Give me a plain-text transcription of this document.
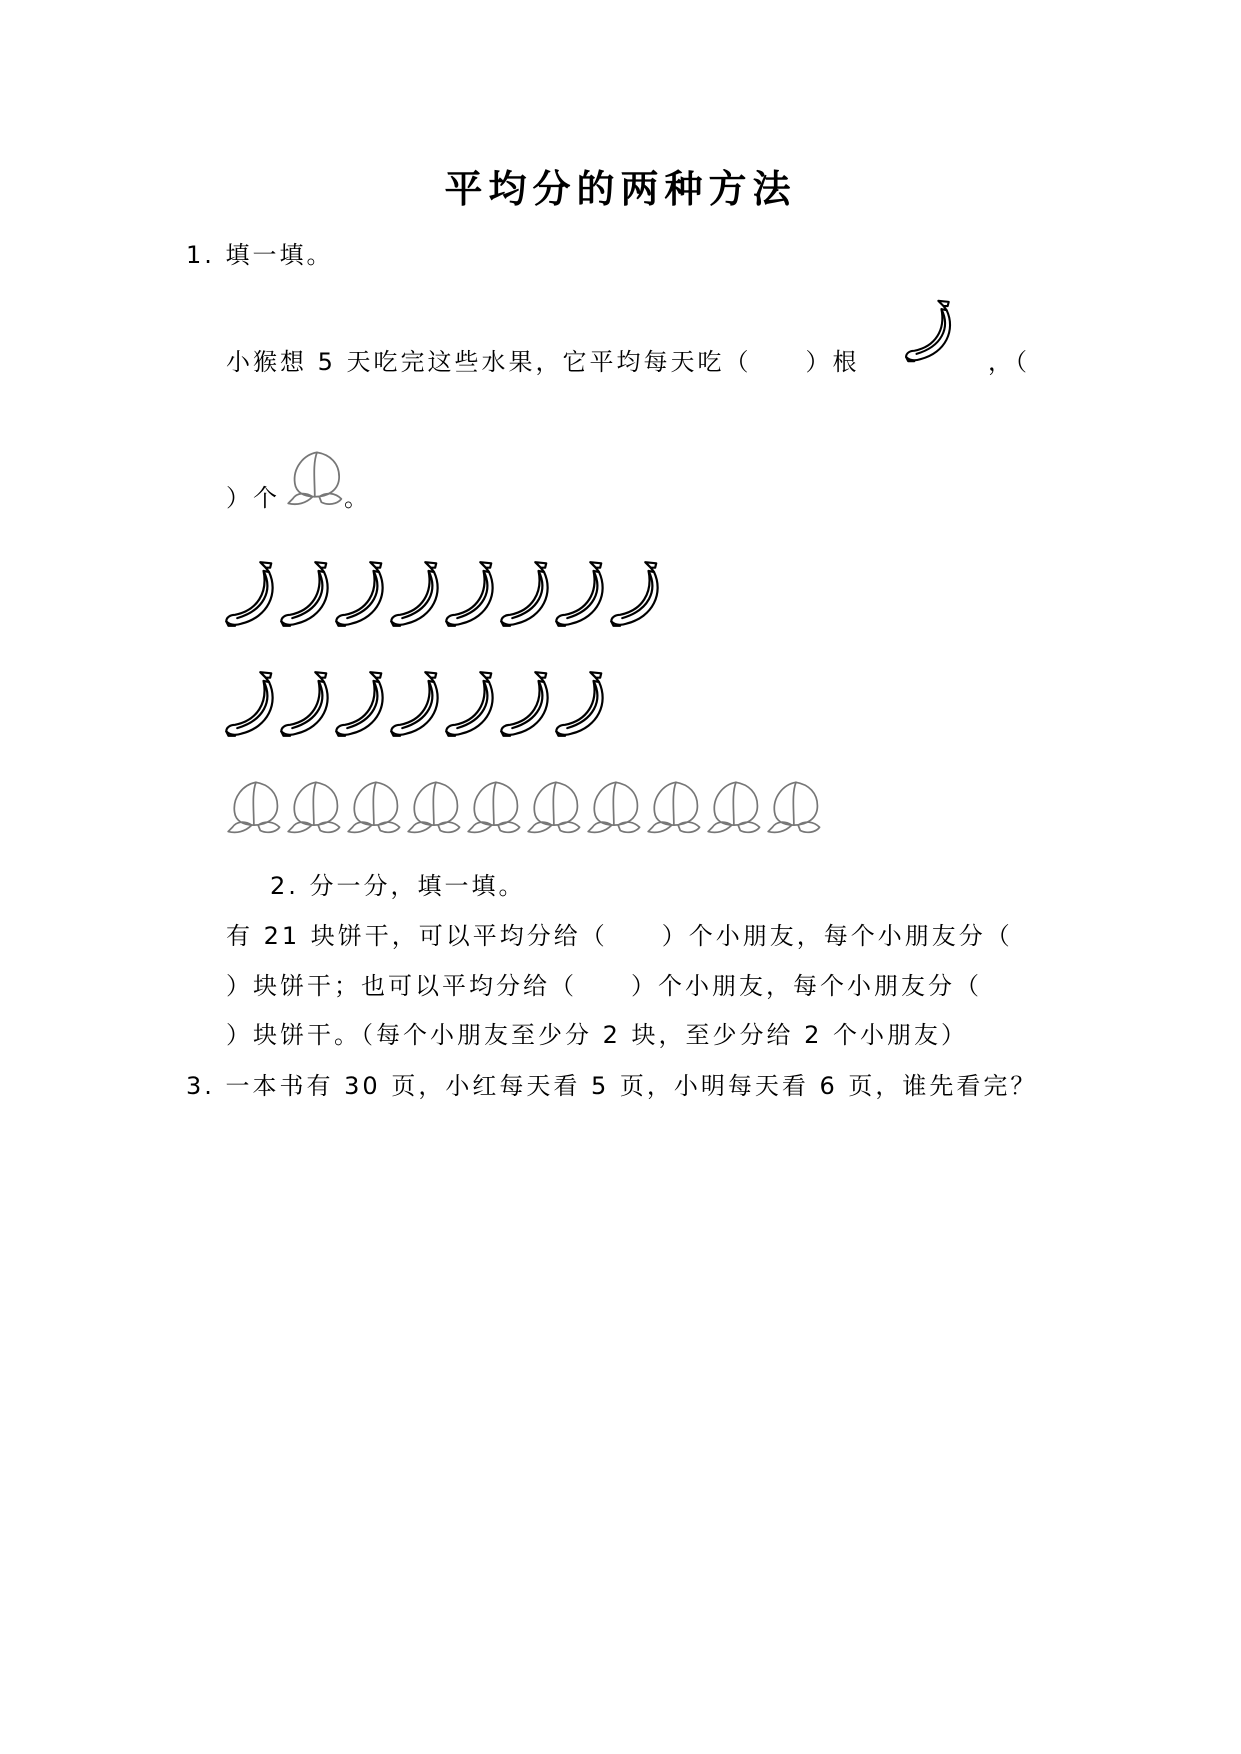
平均分的两种方法
1. 填一填。
小猴想 5 天吃完这些水果，它平均每天吃（　　）根	，（
）个	。
2. 分一分，填一填。
有 21 块饼干，可以平均分给（　　）个小朋友，每个小朋友分（
）块饼干；也可以平均分给（　　）个小朋友，每个小朋友分（
）块饼干。（每个小朋友至少分 2 块，至少分给 2 个小朋友）
3. 一本书有 30 页，小红每天看 5 页，小明每天看 6 页，谁先看完？
